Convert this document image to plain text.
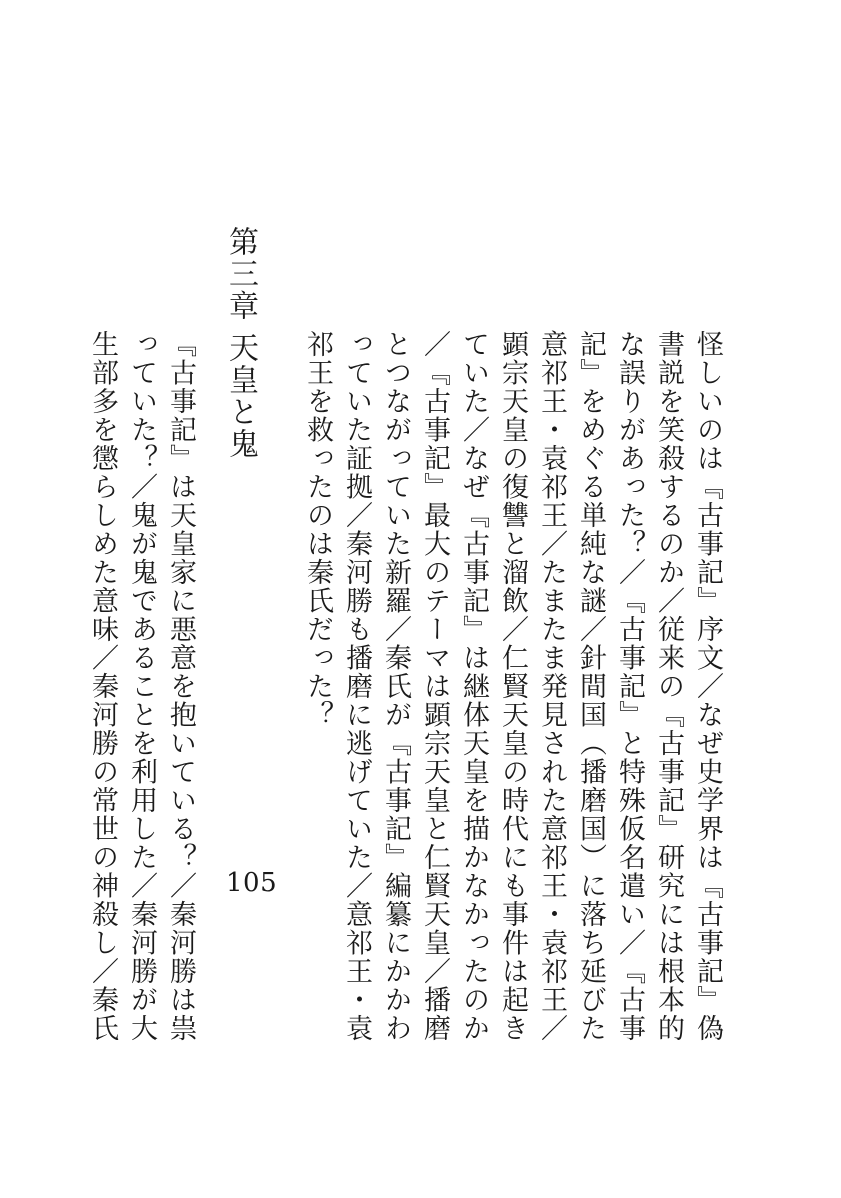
怪しいのは『古事記』序文／なぜ史学界は『古事記』偽
書説を笑殺するのか／従来の『古事記』研究には根本的
な誤りがあった？／『古事記』と特殊仮名遣い／『古事
記』をめぐる単純な謎／針間国（播磨国）に落ち延びた
意祁王・袁祁王／たまたま発見された意祁王・袁祁王／
顕宗天皇の復讐と溜飲／仁賢天皇の時代にも事件は起き
ていた／なぜ『古事記』は継体天皇を描かなかったのか
／『古事記』最大のテーマは顕宗天皇と仁賢天皇／播磨
とつながっていた新羅／秦氏が『古事記』編纂にかかわ
っていた証拠／秦河勝も播磨に逃げていた／意祁王・袁
祁王を救ったのは秦氏だった？
第三章
天皇と鬼
105
『古事記』は天皇家に悪意を抱いている？／秦河勝は祟
っていた？／鬼が鬼であることを利用した／秦河勝が大
生部多を懲らしめた意味／秦河勝の常世の神殺し／秦氏
